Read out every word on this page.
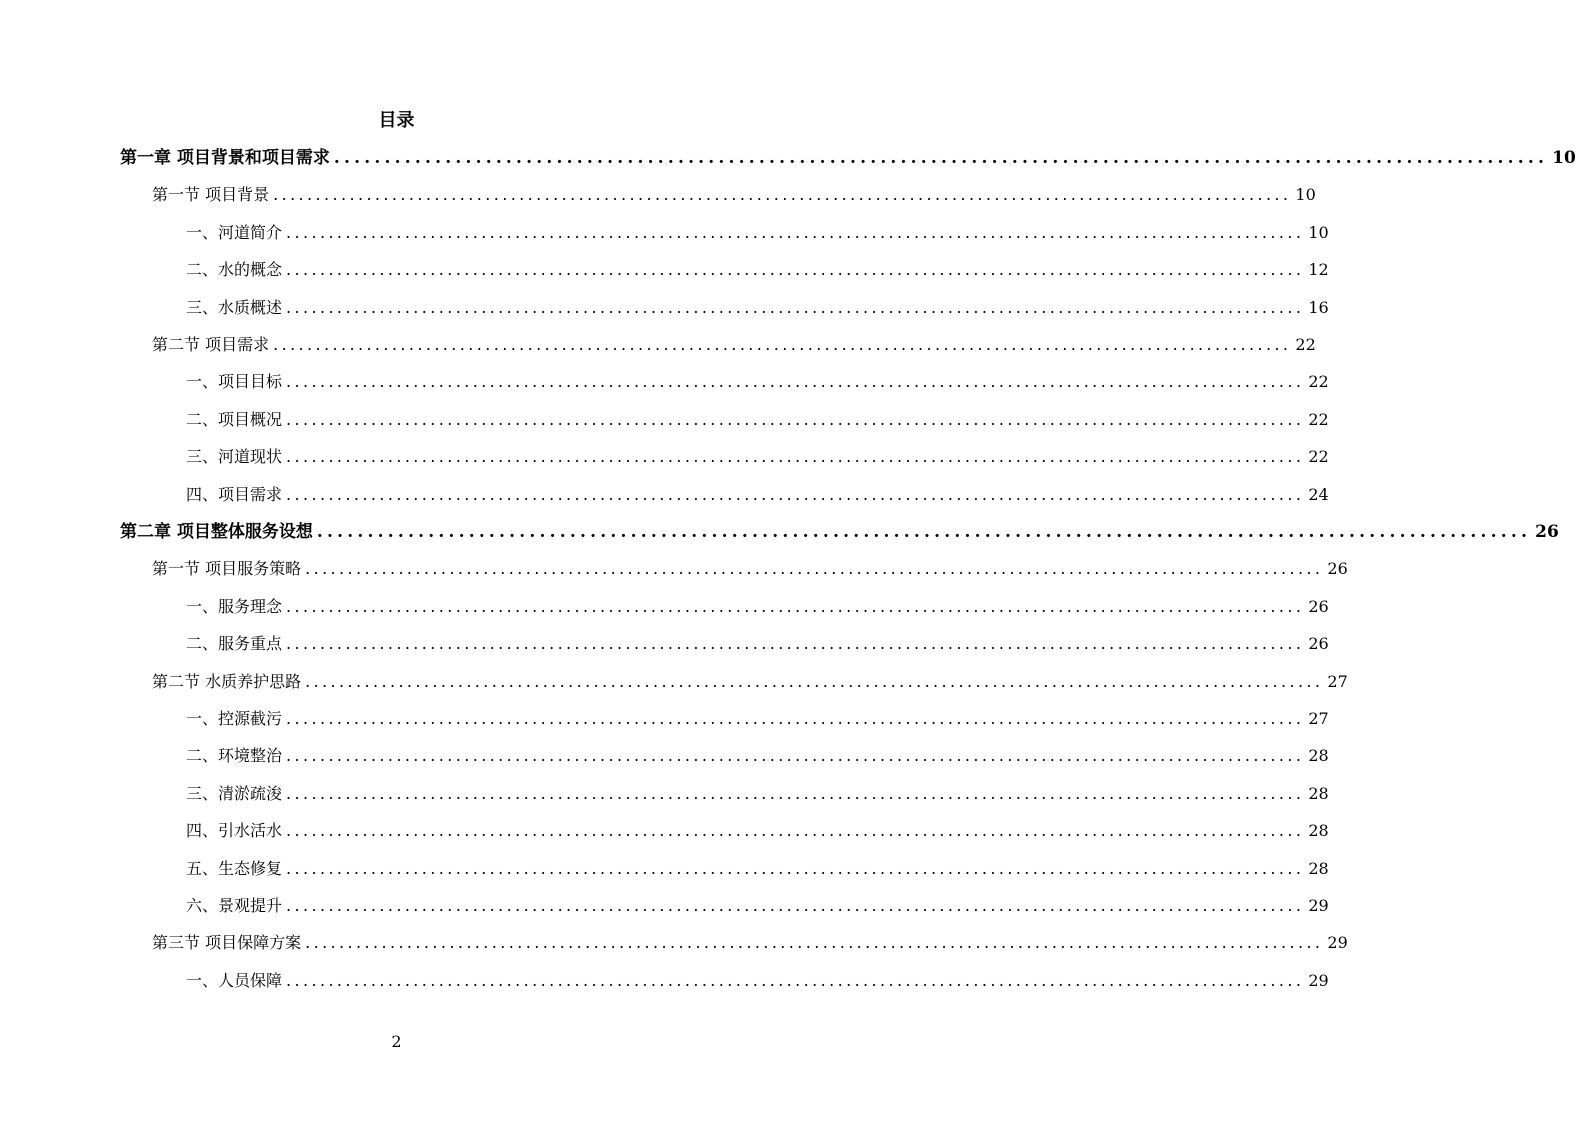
目录
第一章 项目背景和项目需求 ........................................................................................................................ 10
第一节 项目背景 ........................................................................................................................ 10
一、河道简介 ........................................................................................................................ 10
二、水的概念 ........................................................................................................................ 12
三、水质概述 ........................................................................................................................ 16
第二节 项目需求 ........................................................................................................................ 22
一、项目目标 ........................................................................................................................ 22
二、项目概况 ........................................................................................................................ 22
三、河道现状 ........................................................................................................................ 22
四、项目需求 ........................................................................................................................ 24
第二章 项目整体服务设想 ........................................................................................................................ 26
第一节 项目服务策略 ........................................................................................................................ 26
一、服务理念 ........................................................................................................................ 26
二、服务重点 ........................................................................................................................ 26
第二节 水质养护思路 ........................................................................................................................ 27
一、控源截污 ........................................................................................................................ 27
二、环境整治 ........................................................................................................................ 28
三、清淤疏浚 ........................................................................................................................ 28
四、引水活水 ........................................................................................................................ 28
五、生态修复 ........................................................................................................................ 28
六、景观提升 ........................................................................................................................ 29
第三节 项目保障方案 ........................................................................................................................ 29
一、人员保障 ........................................................................................................................ 29
2
